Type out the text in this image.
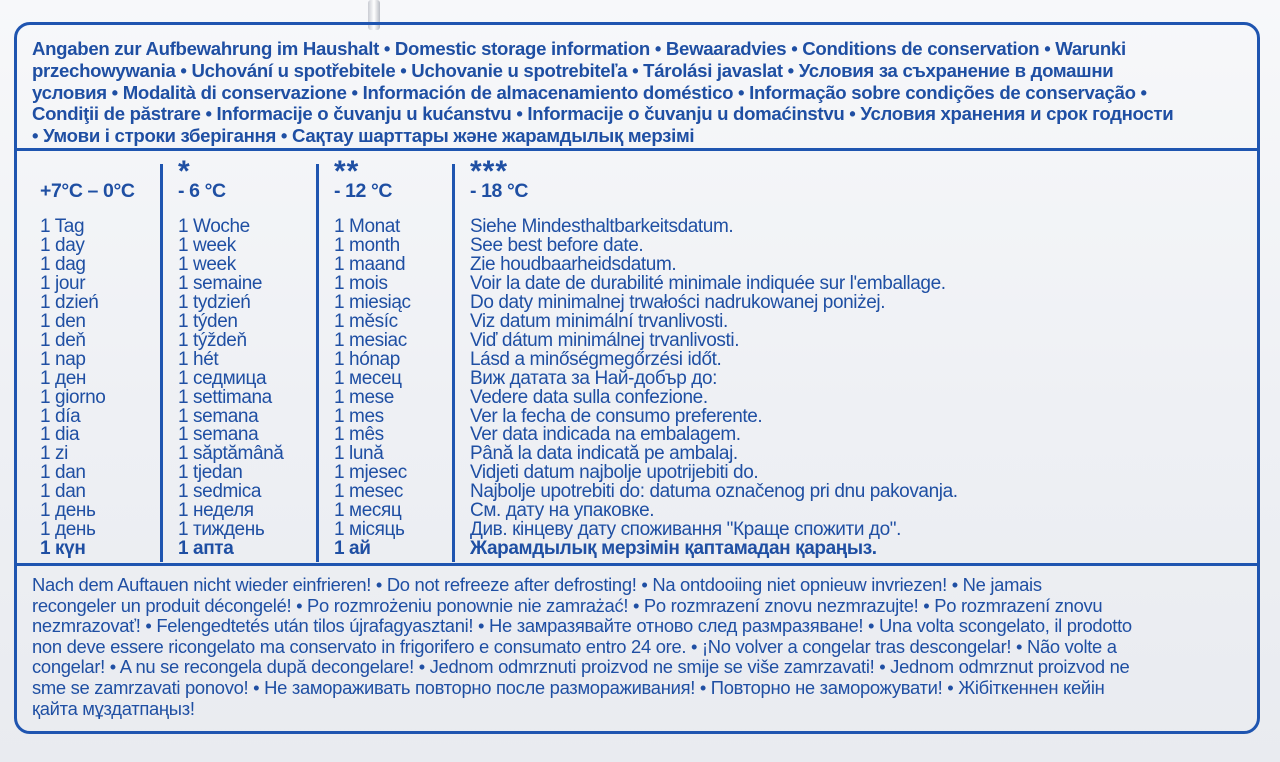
Angaben zur Aufbewahrung im Haushalt • Domestic storage information • Bewaaradvies • Conditions de conservation • Warunki
przechowywania • Uchování u spotřebitele • Uchovanie u spotrebiteľa • Tárolási javaslat • Условия за съхранение в домашни
условия • Modalità di conservazione • Información de almacenamiento doméstico • Informação sobre condições de conservação •
Condiţii de păstrare • Informacije o čuvanju u kućanstvu • Informacije o čuvanju u domaćinstvu • Условия хранения и срок годности
• Умови і строки зберігання • Сақтау шарттары және жарамдылық мерзімі
+7°C – 0°C
1 Tag
1 day
1 dag
1 jour
1 dzień
1 den
1 deň
1 nap
1 ден
1 giorno
1 día
1 dia
1 zi
1 dan
1 dan
1 день
1 день
1 күн
*
- 6 °C
1 Woche
1 week
1 week
1 semaine
1 tydzień
1 týden
1 týždeň
1 hét
1 седмица
1 settimana
1 semana
1 semana
1 săptămână
1 tjedan
1 sedmica
1 неделя
1 тиждень
1 апта
**
- 12 °C
1 Monat
1 month
1 maand
1 mois
1 miesiąc
1 měsíc
1 mesiac
1 hónap
1 месец
1 mese
1 mes
1 mês
1 lună
1 mjesec
1 mesec
1 месяц
1 місяць
1 ай
***
- 18 °C
Siehe Mindesthaltbarkeitsdatum.
See best before date.
Zie houdbaarheidsdatum.
Voir la date de durabilité minimale indiquée sur l'emballage.
Do daty minimalnej trwałości nadrukowanej poniżej.
Viz datum minimální trvanlivosti.
Viď dátum minimálnej trvanlivosti.
Lásd a minőségmegőrzési időt.
Виж датата за Най-добър до:
Vedere data sulla confezione.
Ver la fecha de consumo preferente.
Ver data indicada na embalagem.
Până la data indicată pe ambalaj.
Vidjeti datum najbolje upotrijebiti do.
Najbolje upotrebiti do: datuma označenog pri dnu pakovanja.
См. дату на упаковке.
Див. кінцеву дату споживання "Краще спожити до".
Жарамдылық мерзімін қаптамадан қараңыз.
Nach dem Auftauen nicht wieder einfrieren! • Do not refreeze after defrosting! • Na ontdooiing niet opnieuw invriezen! • Ne jamais
recongeler un produit décongelé! • Po rozmrożeniu ponownie nie zamrażać! • Po rozmrazení znovu nezmrazujte! • Po rozmrazení znovu
nezmrazovať! • Felengedtetés után tilos újrafagyasztani! • Не замразявайте отново след размразяване! • Una volta scongelato, il prodotto
non deve essere ricongelato ma conservato in frigorifero e consumato entro 24 ore. • ¡No volver a congelar tras descongelar! • Não volte a
congelar! • A nu se recongela după decongelare! • Jednom odmrznuti proizvod ne smije se više zamrzavati! • Jednom odmrznut proizvod ne
sme se zamrzavati ponovo! • Не замораживать повторно после размораживания! • Повторно не заморожувати! • Жібіткеннен кейін
қайта мұздатпаңыз!
